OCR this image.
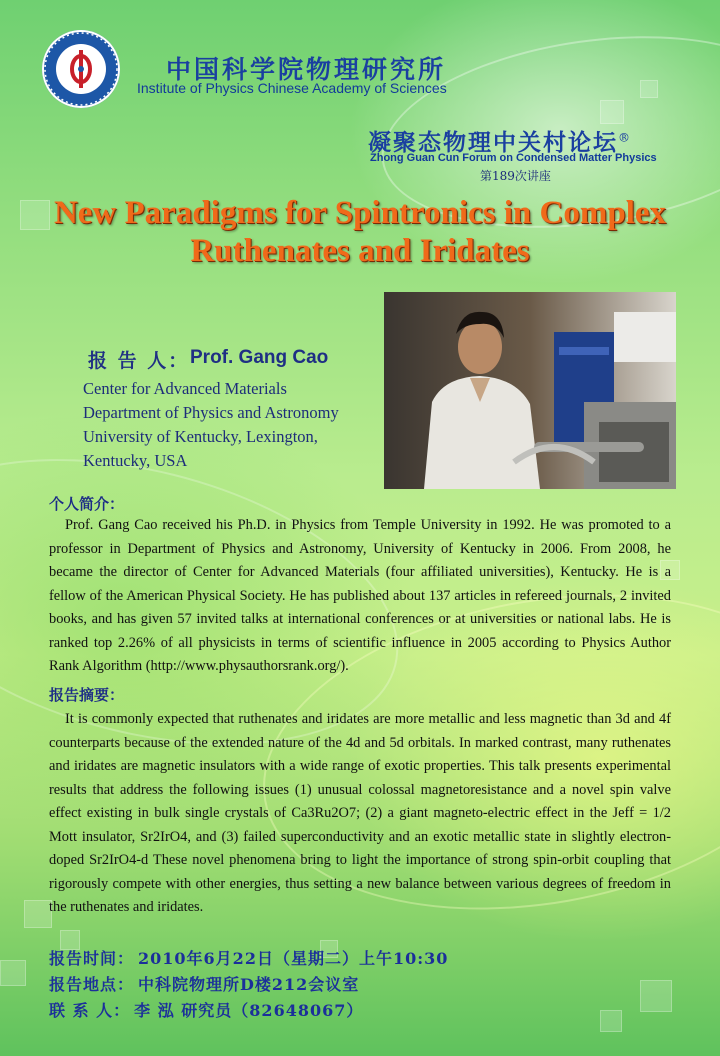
中国科学院物理研究所
Institute of Physics Chinese Academy of Sciences
凝聚态物理中关村论坛®
Zhong Guan Cun Forum on Condensed Matter Physics
第189次讲座
New Paradigms for Spintronics in Complex
Ruthenates and Iridates
报 告 人： Prof. Gang Cao
Center for Advanced Materials
Department of Physics and Astronomy
University of Kentucky, Lexington,
Kentucky, USA
个人简介：

Prof. Gang Cao received his Ph.D. in Physics from Temple University in 1992. He was promoted to a professor in Department of Physics and Astronomy, University of Kentucky in 2006. From 2008, he became the director of Center for Advanced Materials (four affiliated universities), Kentucky. He is a fellow of the American Physical Society. He has published about 137 articles in refereed journals, 2 invited books, and has given 57 invited talks at international conferences or at universities or national labs. He is ranked top 2.26% of all physicists in terms of scientific influence in 2005 according to Physics Author Rank Algorithm (http://www.physauthorsrank.org/).

报告摘要：

It is commonly expected that ruthenates and iridates are more metallic and less magnetic than 3d and 4f counterparts because of the extended nature of the 4d and 5d orbitals. In marked contrast, many ruthenates and iridates are magnetic insulators with a wide range of exotic properties. This talk presents experimental results that address the following issues (1) unusual colossal magnetoresistance and a novel spin valve effect existing in bulk single crystals of Ca3Ru2O7; (2) a giant magneto-electric effect in the Jeff = 1/2 Mott insulator, Sr2IrO4, and (3) failed superconductivity and an exotic metallic state in slightly electron-doped Sr2IrO4-d These novel phenomena bring to light the importance of strong spin-orbit coupling that rigorously compete with other energies, thus setting a new balance between various degrees of freedom in the ruthenates and iridates.

报告时间： 2010年6月22日（星期二）上午10:30
报告地点： 中科院物理所D楼212会议室
联 系 人： 李 泓 研究员（82648067）
